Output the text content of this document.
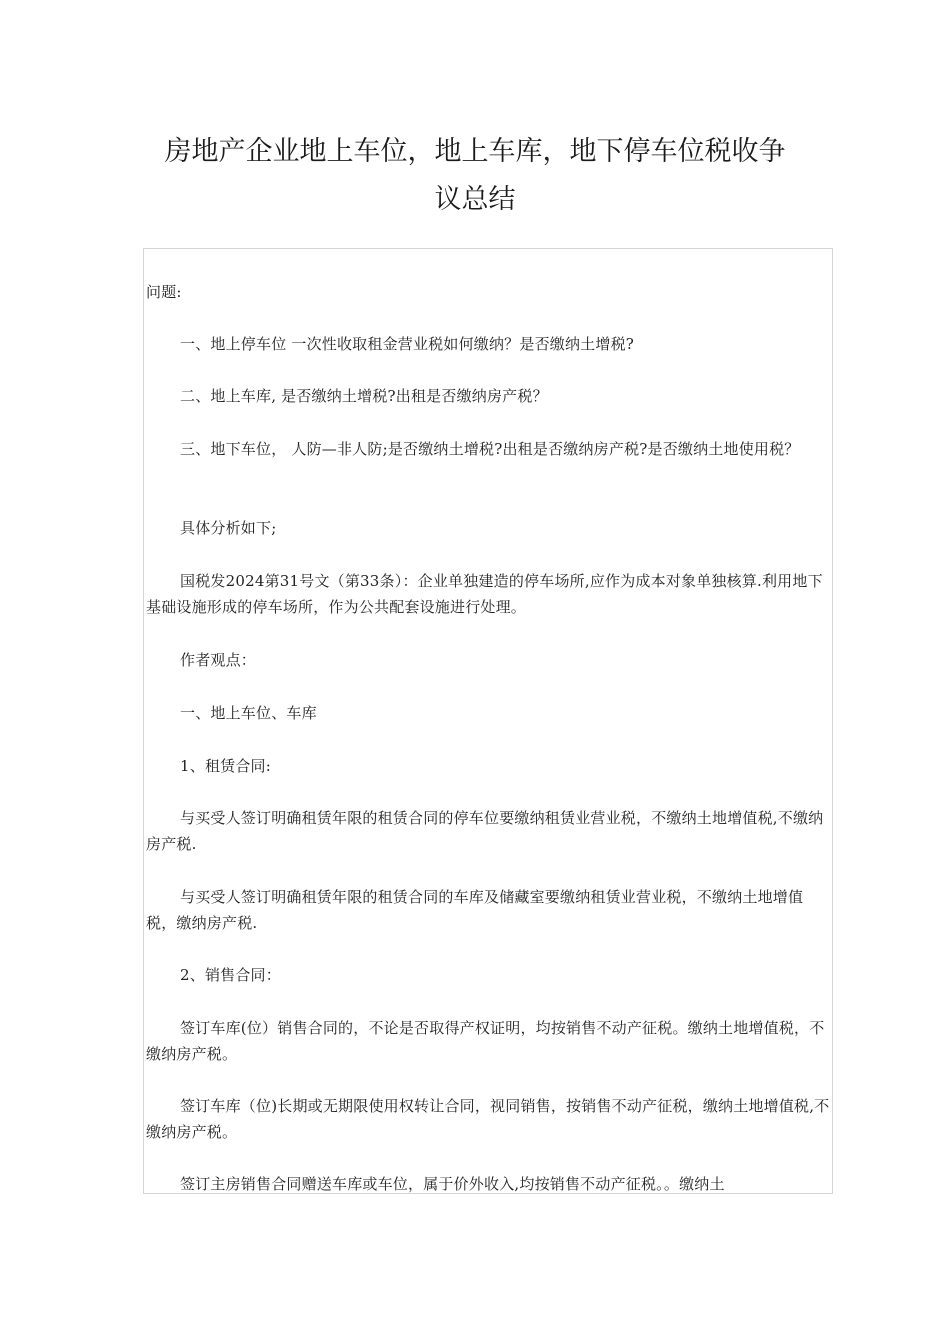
房地产企业地上车位，地上车库，地下停车位税收争
议总结

问题:

一、地上停车位 一次性收取租金营业税如何缴纳？是否缴纳土增税?

二、地上车库, 是否缴纳土增税?出租是否缴纳房产税？

三、地下车位， 人防—非人防;是否缴纳土增税?出租是否缴纳房产税?是否缴纳土地使用税？

具体分析如下;

国税发2024第31号文（第33条）：企业单独建造的停车场所,应作为成本对象单独核算.利用地下基础设施形成的停车场所，作为公共配套设施进行处理。

作者观点：

一、地上车位、车库

1、租赁合同:

与买受人签订明确租赁年限的租赁合同的停车位要缴纳租赁业营业税，不缴纳土地增值税,不缴纳房产税.

与买受人签订明确租赁年限的租赁合同的车库及储藏室要缴纳租赁业营业税，不缴纳土地增值税，缴纳房产税.

2、销售合同：

签订车库(位）销售合同的，不论是否取得产权证明，均按销售不动产征税。缴纳土地增值税，不缴纳房产税。

签订车库（位)长期或无期限使用权转让合同，视同销售，按销售不动产征税，缴纳土地增值税,不缴纳房产税。

签订主房销售合同赠送车库或车位，属于价外收入,均按销售不动产征税。。缴纳土
